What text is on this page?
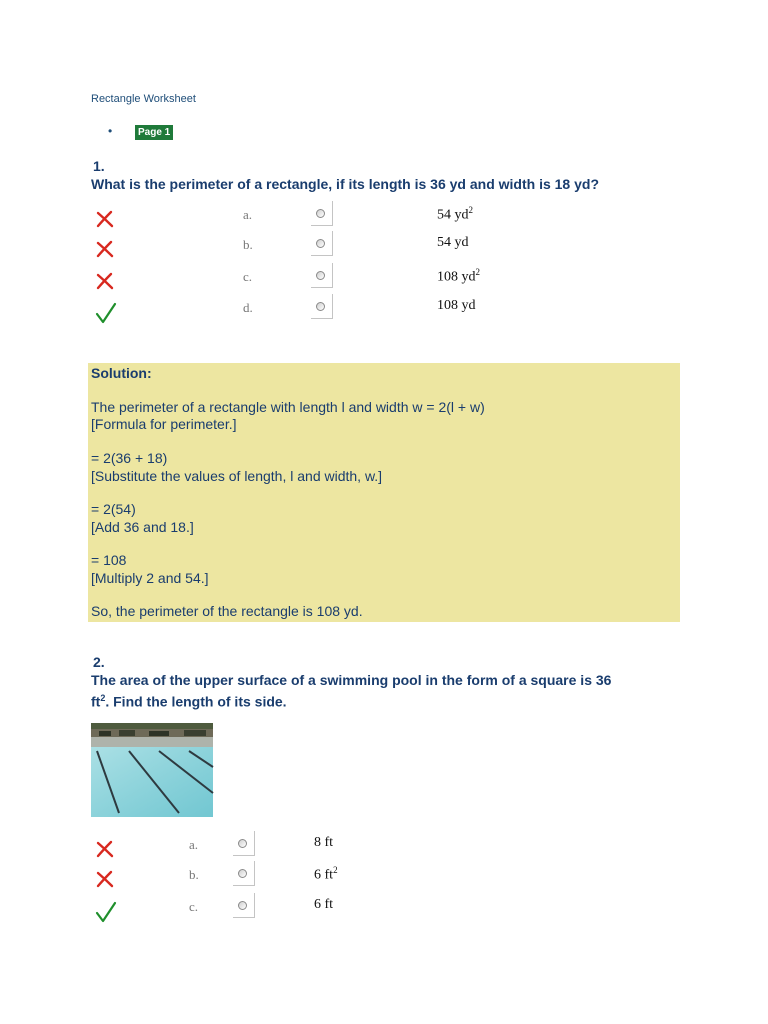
Rectangle Worksheet
•	Page 1
1.
What is the perimeter of a rectangle, if its length is 36 yd and width is 18 yd?
a.	54 $yd^2$
b.	54 yd
c.	108 $yd^2$
d.	108 yd
Solution:
The perimeter of a rectangle with length l and width w = 2(l + w)
[Formula for perimeter.]
= 2(36 + 18)
[Substitute the values of length, l and width, w.]
= 2(54)
[Add 36 and 18.]
= 108
[Multiply 2 and 54.]
So, the perimeter of the rectangle is 108 yd.
2.
The area of the upper surface of a swimming pool in the form of a square is 36
$ft^2$. Find the length of its side.
a.	8 ft
b.	6 $ft^2$
c.	6 ft
